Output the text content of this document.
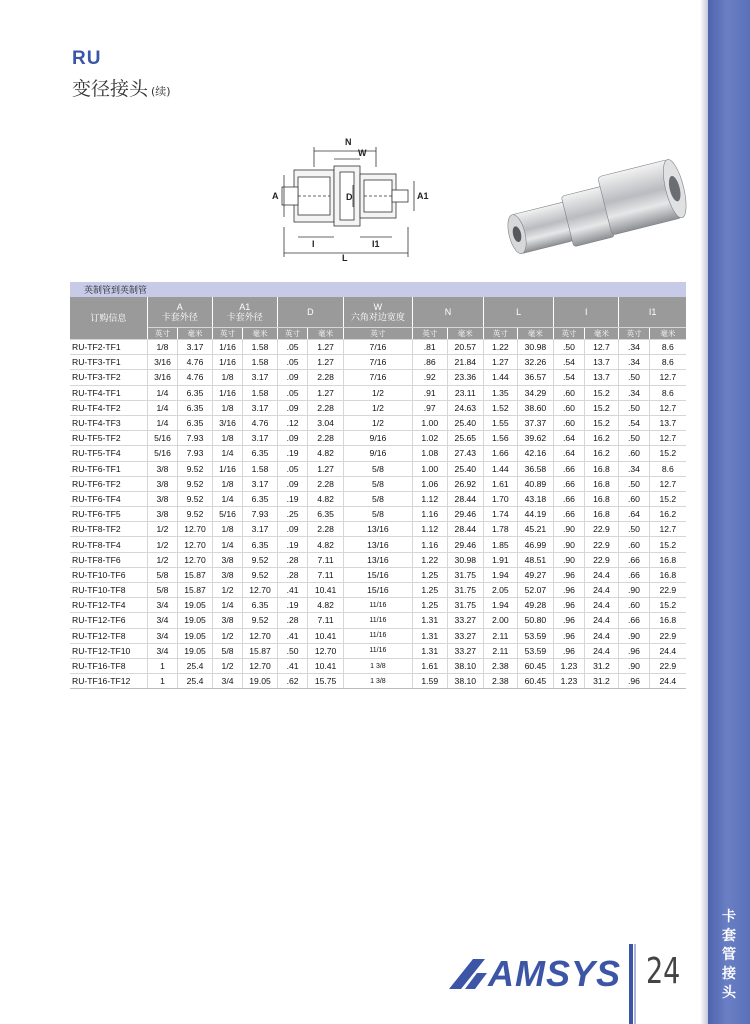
卡
套
管
接
头
RU
变径接头 (续)
N
W
A	D	A1
I	I1
L
英制管到英制管															
订购信息	A
卡套外径		A1
卡套外径		D		W
六角对边宽度	N		L		I		I1	
	英寸	毫米	英寸	毫米	英寸	毫米	英寸	英寸	毫米	英寸	毫米	英寸	毫米	英寸	毫米
RU-TF2-TF1	1/8	3.17	1/16	1.58	.05	1.27	7/16	.81	20.57	1.22	30.98	.50	12.7	.34	8.6
RU-TF3-TF1	3/16	4.76	1/16	1.58	.05	1.27	7/16	.86	21.84	1.27	32.26	.54	13.7	.34	8.6
RU-TF3-TF2	3/16	4.76	1/8	3.17	.09	2.28	7/16	.92	23.36	1.44	36.57	.54	13.7	.50	12.7
RU-TF4-TF1	1/4	6.35	1/16	1.58	.05	1.27	1/2	.91	23.11	1.35	34.29	.60	15.2	.34	8.6
RU-TF4-TF2	1/4	6.35	1/8	3.17	.09	2.28	1/2	.97	24.63	1.52	38.60	.60	15.2	.50	12.7
RU-TF4-TF3	1/4	6.35	3/16	4.76	.12	3.04	1/2	1.00	25.40	1.55	37.37	.60	15.2	.54	13.7
RU-TF5-TF2	5/16	7.93	1/8	3.17	.09	2.28	9/16	1.02	25.65	1.56	39.62	.64	16.2	.50	12.7
RU-TF5-TF4	5/16	7.93	1/4	6.35	.19	4.82	9/16	1.08	27.43	1.66	42.16	.64	16.2	.60	15.2
RU-TF6-TF1	3/8	9.52	1/16	1.58	.05	1.27	5/8	1.00	25.40	1.44	36.58	.66	16.8	.34	8.6
RU-TF6-TF2	3/8	9.52	1/8	3.17	.09	2.28	5/8	1.06	26.92	1.61	40.89	.66	16.8	.50	12.7
RU-TF6-TF4	3/8	9.52	1/4	6.35	.19	4.82	5/8	1.12	28.44	1.70	43.18	.66	16.8	.60	15.2
RU-TF6-TF5	3/8	9.52	5/16	7.93	.25	6.35	5/8	1.16	29.46	1.74	44.19	.66	16.8	.64	16.2
RU-TF8-TF2	1/2	12.70	1/8	3.17	.09	2.28	13/16	1.12	28.44	1.78	45.21	.90	22.9	.50	12.7
RU-TF8-TF4	1/2	12.70	1/4	6.35	.19	4.82	13/16	1.16	29.46	1.85	46.99	.90	22.9	.60	15.2
RU-TF8-TF6	1/2	12.70	3/8	9.52	.28	7.11	13/16	1.22	30.98	1.91	48.51	.90	22.9	.66	16.8
RU-TF10-TF6	5/8	15.87	3/8	9.52	.28	7.11	15/16	1.25	31.75	1.94	49.27	.96	24.4	.66	16.8
RU-TF10-TF8	5/8	15.87	1/2	12.70	.41	10.41	15/16	1.25	31.75	2.05	52.07	.96	24.4	.90	22.9
RU-TF12-TF4	3/4	19.05	1/4	6.35	.19	4.82	11/16	1.25	31.75	1.94	49.28	.96	24.4	.60	15.2
RU-TF12-TF6	3/4	19.05	3/8	9.52	.28	7.11	11/16	1.31	33.27	2.00	50.80	.96	24.4	.66	16.8
RU-TF12-TF8	3/4	19.05	1/2	12.70	.41	10.41	11/16	1.31	33.27	2.11	53.59	.96	24.4	.90	22.9
RU-TF12-TF10	3/4	19.05	5/8	15.87	.50	12.70	11/16	1.31	33.27	2.11	53.59	.96	24.4	.96	24.4
RU-TF16-TF8	1	25.4	1/2	12.70	.41	10.41	1 3/8	1.61	38.10	2.38	60.45	1.23	31.2	.90	22.9
RU-TF16-TF12	1	25.4	3/4	19.05	.62	15.75	1 3/8	1.59	38.10	2.38	60.45	1.23	31.2	.96	24.4
AMSYS 24
